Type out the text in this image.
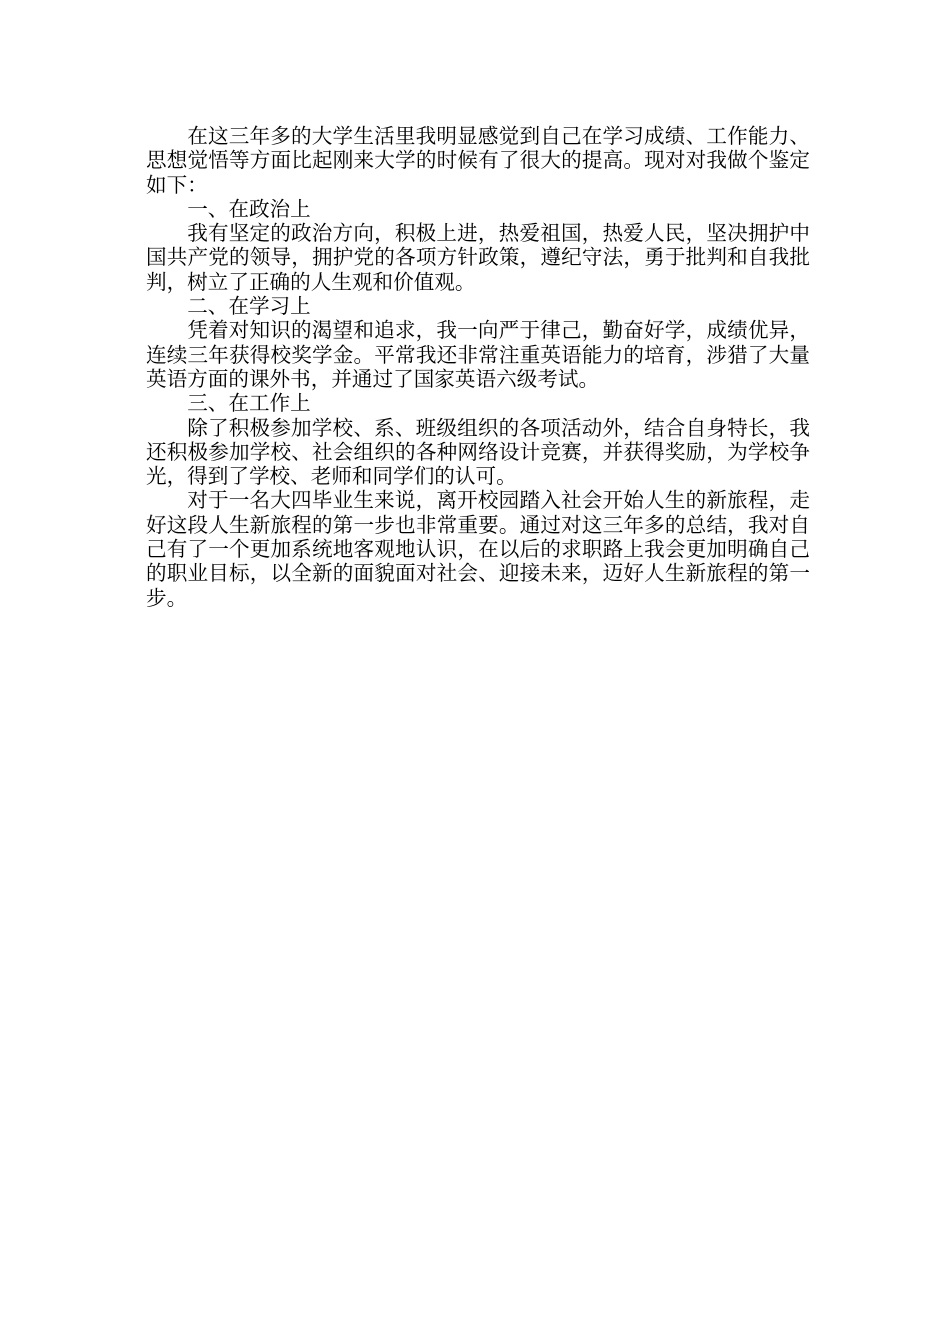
在这三年多的大学生活里我明显感觉到自己在学习成绩、工作能力、思想觉悟等方面比起刚来大学的时候有了很大的提高。现对对我做个鉴定如下：

一、在政治上

我有坚定的政治方向，积极上进，热爱祖国，热爱人民，坚决拥护中国共产党的领导，拥护党的各项方针政策，遵纪守法，勇于批判和自我批判，树立了正确的人生观和价值观。

二、在学习上

凭着对知识的渴望和追求，我一向严于律己，勤奋好学，成绩优异，连续三年获得校奖学金。平常我还非常注重英语能力的培育，涉猎了大量英语方面的课外书，并通过了国家英语六级考试。

三、在工作上

除了积极参加学校、系、班级组织的各项活动外，结合自身特长，我还积极参加学校、社会组织的各种网络设计竞赛，并获得奖励，为学校争光，得到了学校、老师和同学们的认可。

对于一名大四毕业生来说，离开校园踏入社会开始人生的新旅程，走好这段人生新旅程的第一步也非常重要。通过对这三年多的总结，我对自己有了一个更加系统地客观地认识，在以后的求职路上我会更加明确自己的职业目标，以全新的面貌面对社会、迎接未来，迈好人生新旅程的第一步。
